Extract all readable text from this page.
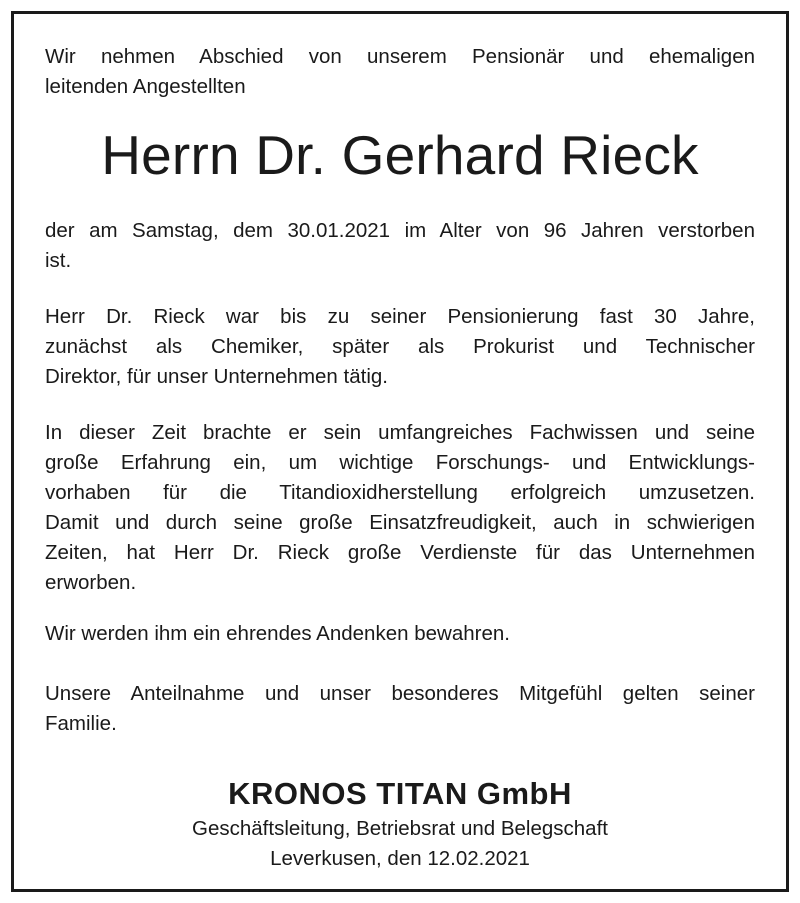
Wir nehmen Abschied von unserem Pensionär und ehemaligen
leitenden Angestellten

Herrn Dr. Gerhard Rieck

der am Samstag, dem 30.01.2021 im Alter von 96 Jahren verstorben
ist.

Herr Dr. Rieck war bis zu seiner Pensionierung fast 30 Jahre,
zunächst als Chemiker, später als Prokurist und Technischer
Direktor, für unser Unternehmen tätig.

In dieser Zeit brachte er sein umfangreiches Fachwissen und seine
große Erfahrung ein, um wichtige Forschungs- und Entwicklungs-
vorhaben für die Titandioxidherstellung erfolgreich umzusetzen.
Damit und durch seine große Einsatzfreudigkeit, auch in schwierigen
Zeiten, hat Herr Dr. Rieck große Verdienste für das Unternehmen
erworben.

Wir werden ihm ein ehrendes Andenken bewahren.

Unsere Anteilnahme und unser besonderes Mitgefühl gelten seiner
Familie.

KRONOS TITAN GmbH

Geschäftsleitung, Betriebsrat und Belegschaft

Leverkusen, den 12.02.2021
